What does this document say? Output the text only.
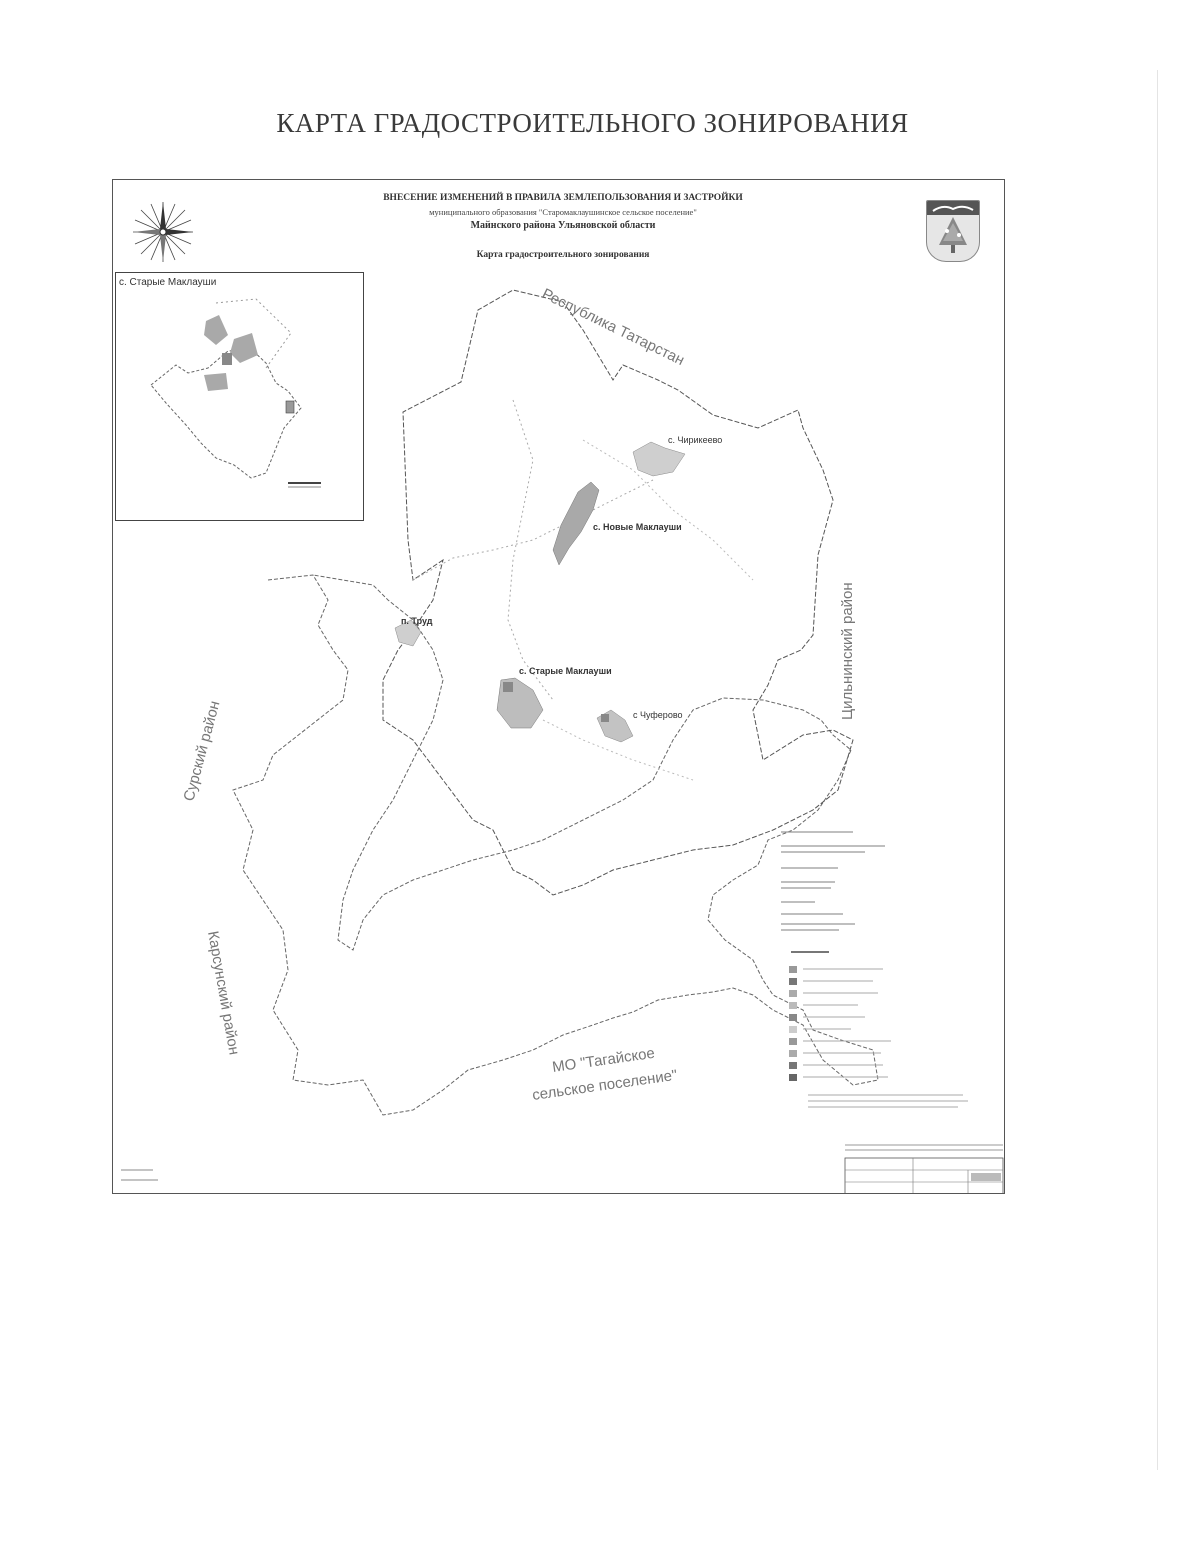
КАРТА ГРАДОСТРОИТЕЛЬНОГО ЗОНИРОВАНИЯ
ВНЕСЕНИЕ ИЗМЕНЕНИЙ В ПРАВИЛА ЗЕМЛЕПОЛЬЗОВАНИЯ И ЗАСТРОЙКИ
муниципального образования "Старомаклаушинское сельское поселение"
Майнского района Ульяновской области
Карта градостроительного зонирования
с. Старые Маклауши
с. Чирикеево
с. Новые Маклауши
п. Труд
с. Старые Маклауши
с Чуферово
Республика Татарстан
Цильнинский район
Сурский район
Карсунский район
МО "Тагайское
сельское поселение"
